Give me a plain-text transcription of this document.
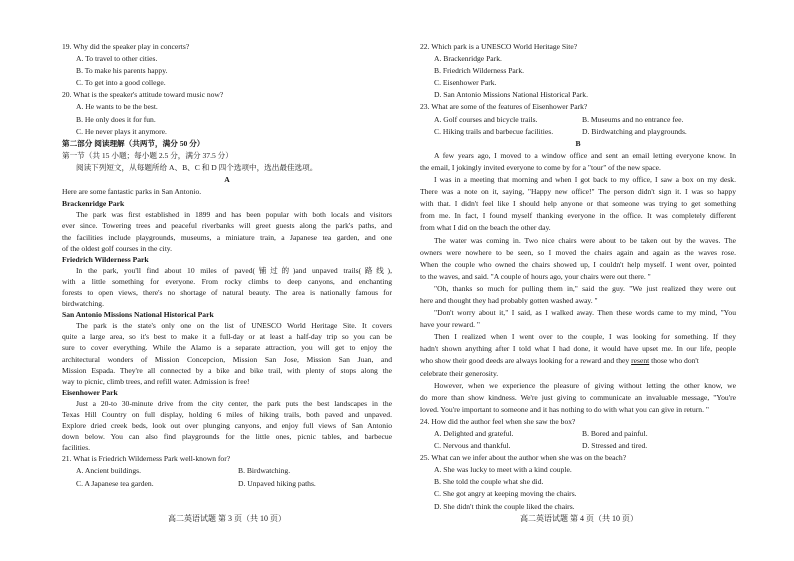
19. Why did the speaker play in concerts?
A. To travel to other cities.
B. To make his parents happy.
C. To get into a good college.
20. What is the speaker's attitude toward music now?
A. He wants to be the best.
B. He only does it for fun.
C. He never plays it anymore.
第二部分 阅读理解（共两节，满分 50 分）
第一节（共 15 小题；每小题 2.5 分，满分 37.5 分）
阅读下列短文，从每题所给 A、B、C 和 D 四个选项中，选出最佳选项。
A
Here are some fantastic parks in San Antonio.
Brackenridge Park
The park was first established in 1899 and has been popular with both locals and visitors
ever since. Towering trees and peaceful riverbanks will greet guests along the park's paths, and
the facilities include playgrounds, museums, a miniature train, a Japanese tea garden, and one
of the oldest golf courses in the city.
Friedrich Wilderness Park
In the park, you'll find about 10 miles of paved(铺过的)and unpaved trails(路线),
with a little something for everyone. From rocky climbs to deep canyons, and enchanting
forests to open views, there's no shortage of natural beauty. The area is nationally famous for
birdwatching.
San Antonio Missions National Historical Park
The park is the state's only one on the list of UNESCO World Heritage Site. It covers
quite a large area, so it's best to make it a full-day or at least a half-day trip so you can be
sure to cover everything. While the Alamo is a separate attraction, you will get to enjoy the
architectural wonders of Mission Concepcion, Mission San Jose, Mission San Juan, and
Mission Espada. They're all connected by a bike and bike trail, with plenty of stops along the
way to picnic, climb trees, and refill water. Admission is free!
Eisenhower Park
Just a 20-to 30-minute drive from the city center, the park puts the best landscapes in the
Texas Hill Country on full display, holding 6 miles of hiking trails, both paved and unpaved.
Explore dried creek beds, look out over plunging canyons, and enjoy full views of San Antonio
down below. You can also find playgrounds for the little ones, picnic tables, and barbecue
facilities.
21. What is Friedrich Wilderness Park well-known for?
A. Ancient buildings.	B. Birdwatching.
C. A Japanese tea garden.	D. Unpaved hiking paths.
22. Which park is a UNESCO World Heritage Site?
A. Brackenridge Park.
B. Friedrich Wilderness Park.
C. Eisenhower Park.
D. San Antonio Missions National Historical Park.
23. What are some of the features of Eisenhower Park?
A. Golf courses and bicycle trails.	B. Museums and no entrance fee.
C. Hiking trails and barbecue facilities.	D. Birdwatching and playgrounds.
B
A few years ago, I moved to a window office and sent an email letting everyone know. In
the email, I jokingly invited everyone to come by for a "tour" of the new space.
I was in a meeting that morning and when I got back to my office, I saw a box on my desk.
There was a note on it, saying, "Happy new office!" The person didn't sign it. I was so happy
with that. I didn't feel like I should help anyone or that someone was trying to get something
from me. In fact, I found myself thanking everyone in the office. It was completely different
from what I did on the beach the other day.
The water was coming in. Two nice chairs were about to be taken out by the waves. The
owners were nowhere to be seen, so I moved the chairs again and again as the waves rose.
When the couple who owned the chairs showed up, I couldn't help myself. I went over, pointed
to the waves, and said. "A couple of hours ago, your chairs were out there. "
"Oh, thanks so much for pulling them in," said the guy. "We just realized they were out
here and thought they had probably gotten washed away. "
"Don't worry about it," I said, as I walked away. Then these words came to my mind, "You
have your reward. "
Then I realized when I went over to the couple, I was looking for something. If they
hadn't shown anything after I told what I had done, it would have upset me. In our life, people
who show their good deeds are always looking for a reward and they resent those who don't
celebrate their generosity.
However, when we experience the pleasure of giving without letting the other know, we
do more than show kindness. We're just giving to communicate an invaluable message, "You're
loved. You're important to someone and it has nothing to do with what you can give in return. "
24. How did the author feel when she saw the box?
A. Delighted and grateful.	B. Bored and painful.
C. Nervous and thankful.	D. Stressed and tired.
25. What can we infer about the author when she was on the beach?
A. She was lucky to meet with a kind couple.
B. She told the couple what she did.
C. She got angry at keeping moving the chairs.
D. She didn't think the couple liked the chairs.
高二英语试题 第 3 页（共 10 页）	高二英语试题 第 4 页（共 10 页）
